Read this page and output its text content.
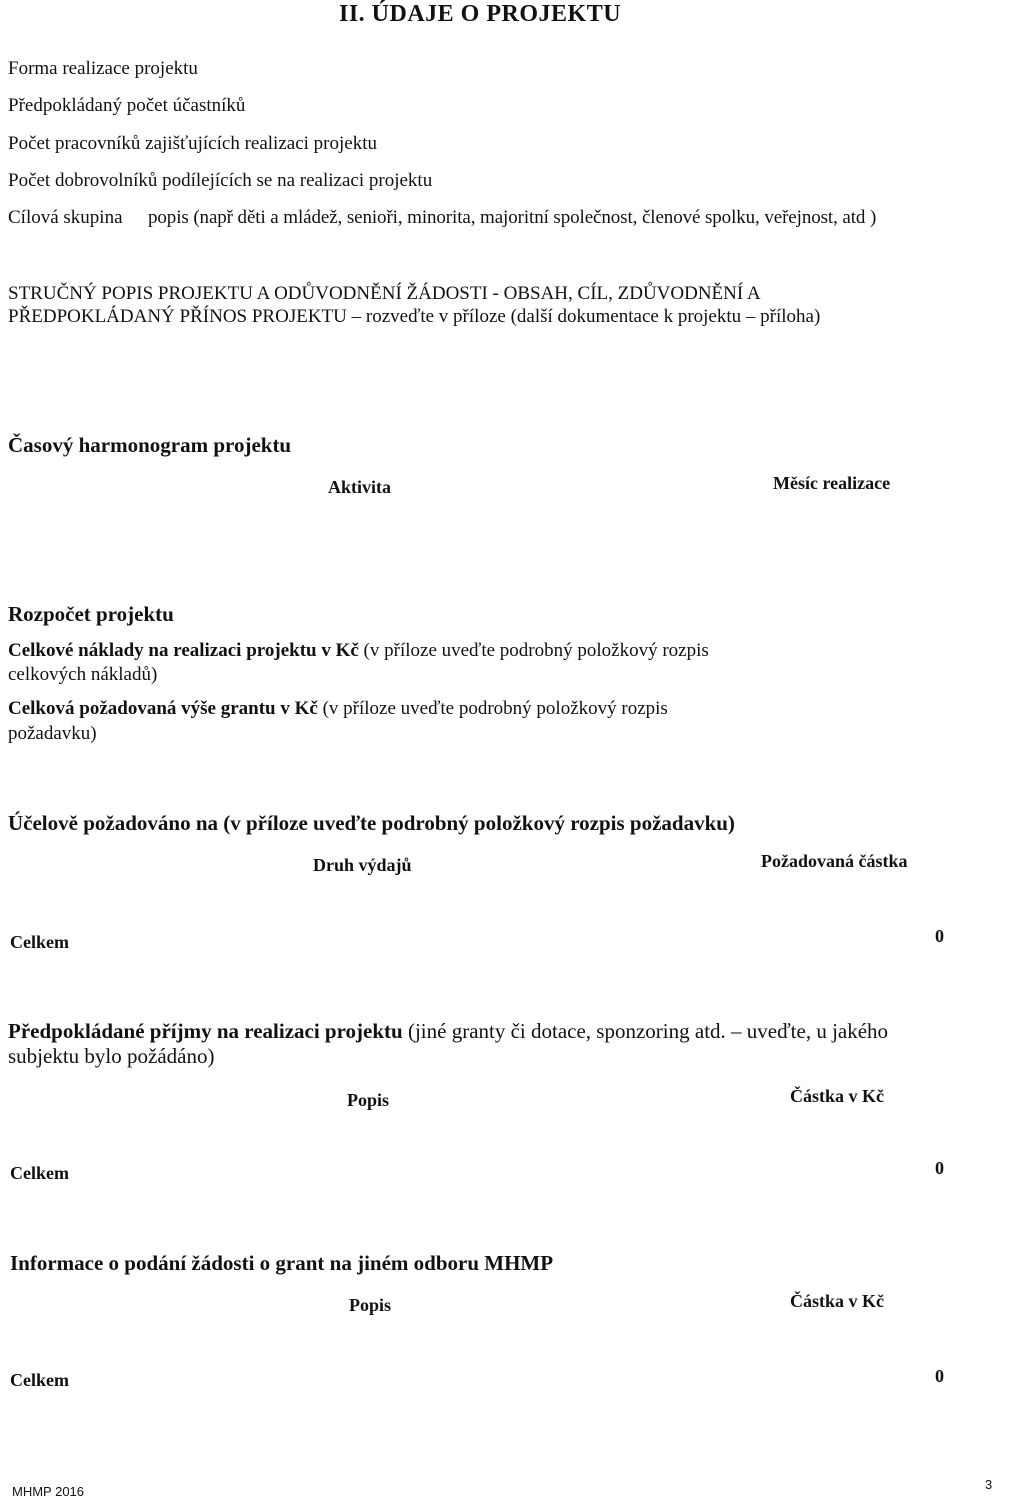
II. ÚDAJE O PROJEKTU
Forma realizace projektu
Předpokládaný počet účastníků
Počet pracovníků zajišťujících realizaci projektu
Počet dobrovolníků podílejících se na realizaci projektu
Cílová skupina popis (např děti a mládež, senioři, minorita, majoritní společnost, členové spolku, veřejnost, atd )
STRUČNÝ POPIS PROJEKTU A ODŮVODNĚNÍ ŽÁDOSTI - OBSAH, CÍL, ZDŮVODNĚNÍ A
PŘEDPOKLÁDANÝ PŘÍNOS PROJEKTU – rozveďte v příloze (další dokumentace k projektu – příloha)
Časový harmonogram projektu
Aktivita	Měsíc realizace
Rozpočet projektu
Celkové náklady na realizaci projektu v Kč (v příloze uveďte podrobný položkový rozpis
celkových nákladů)
Celková požadovaná výše grantu v Kč (v příloze uveďte podrobný položkový rozpis
požadavku)
Účelově požadováno na (v příloze uveďte podrobný položkový rozpis požadavku)
Druh výdajů	Požadovaná částka
Celkem	0
Předpokládané příjmy na realizaci projektu (jiné granty či dotace, sponzoring atd. – uveďte, u jakého
subjektu bylo požádáno)
Popis	Částka v Kč
Celkem	0
Informace o podání žádosti o grant na jiném odboru MHMP
Popis	Částka v Kč
Celkem	0
MHMP 2016	3
